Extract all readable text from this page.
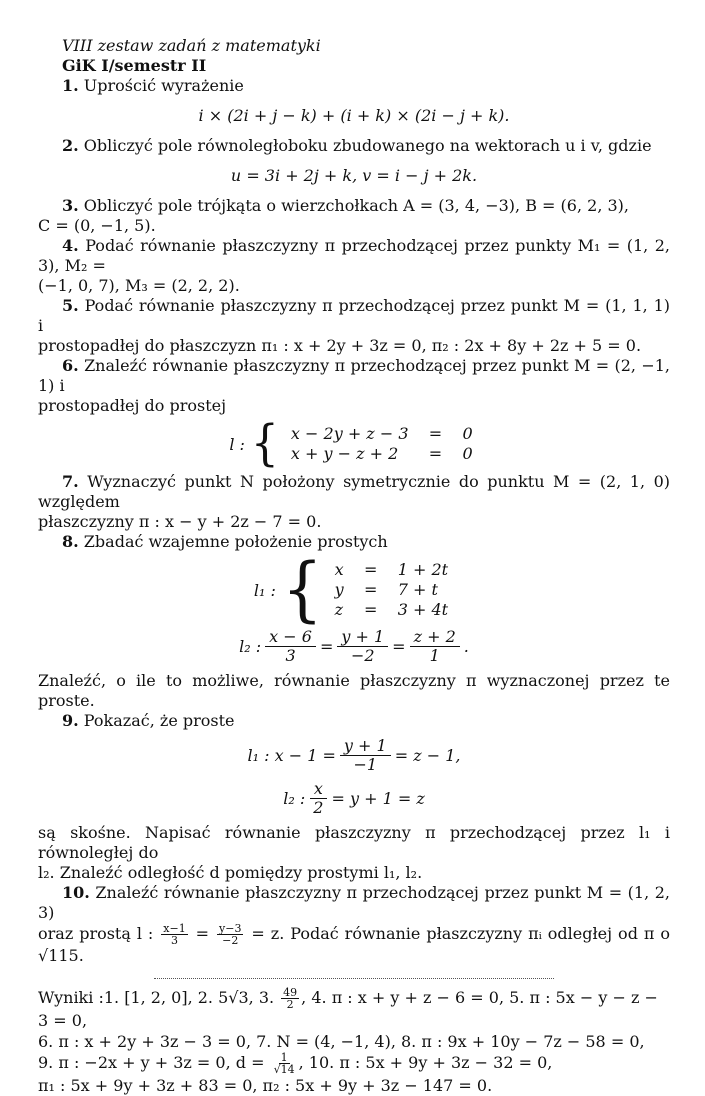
VIII zestaw zadań z matematyki
GiK I/semestr II
1. Uprościć wyrażenie
i × (2i + j − k) + (i + k) × (2i − j + k).
2. Obliczyć pole równoległoboku zbudowanego na wektorach u i v, gdzie
u = 3i + 2j + k, v = i − j + 2k.
3. Obliczyć pole trójkąta o wierzchołkach A = (3, 4, −3), B = (6, 2, 3),
C = (0, −1, 5).
4. Podać równanie płaszczyzny π przechodzącej przez punkty M₁ = (1, 2, 3), M₂ =
(−1, 0, 7), M₃ = (2, 2, 2).
5. Podać równanie płaszczyzny π przechodzącej przez punkt M = (1, 1, 1) i
prostopadłej do płaszczyzn π₁ : x + 2y + 3z = 0, π₂ : 2x + 8y + 2z + 5 = 0.
6. Znaleźć równanie płaszczyzny π przechodzącej przez punkt M = (2, −1, 1) i
prostopadłej do prostej
l : { x − 2y + z − 3	=	0
x + y − z + 2	=	0
7. Wyznaczyć punkt N położony symetrycznie do punktu M = (2, 1, 0) względem
płaszczyzny π : x − y + 2z − 7 = 0.
8. Zbadać wzajemne położenie prostych
l₁ : { x	=	1 + 2t
y	=	7 + t
z	=	3 + 4t
l₂ : $\frac{x - 6}{3} = \frac{y + 1}{-2} = \frac{z + 2}{1}$ .
Znaleźć, o ile to możliwe, równanie płaszczyzny π wyznaczonej przez te proste.
9. Pokazać, że proste
l₁ : $x - 1 = \frac{y + 1}{-1} = z - 1$,
l₂ : $\frac{x}{2} = y + 1 = z$
są skośne. Napisać równanie płaszczyzny π przechodzącej przez l₁ i równoległej do
l₂. Znaleźć odległość d pomiędzy prostymi l₁, l₂.
10. Znaleźć równanie płaszczyzny π przechodzącej przez punkt M = (1, 2, 3)
oraz prostą l : $\frac{x-1}{3} = \frac{y-3}{-2} = z$. Podać równanie płaszczyzny πᵢ odległej od π o √115.
Wyniki :1. [1, 2, 0], 2. 5√3, 3. $\frac{49}{2}$ , 4. π : x + y + z − 6 = 0, 5. π : 5x − y − z − 3 = 0,
6. π : x + 2y + 3z − 3 = 0, 7. N = (4, −1, 4), 8. π : 9x + 10y − 7z − 58 = 0,
9. π : −2x + y + 3z = 0, $d = \frac{1}{√14}$ , 10. π : 5x + 9y + 3z − 32 = 0,
π₁ : 5x + 9y + 3z + 83 = 0, π₂ : 5x + 9y + 3z − 147 = 0.
